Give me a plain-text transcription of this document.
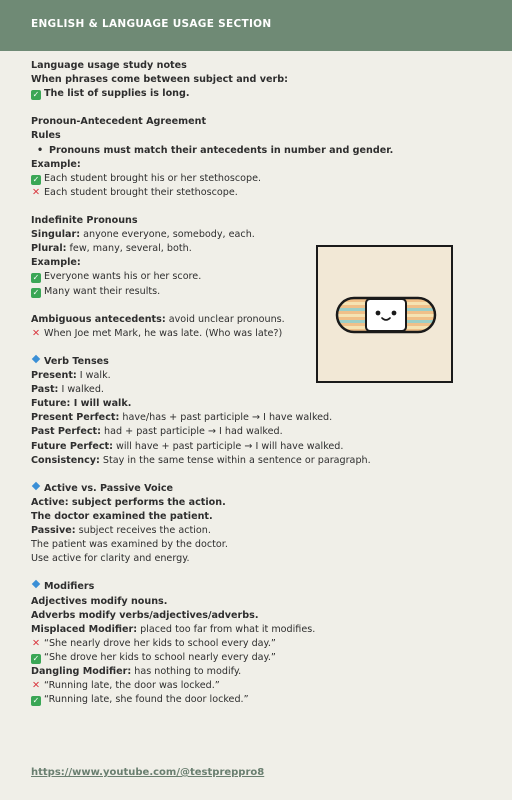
ENGLISH & LANGUAGE USAGE SECTION
Language usage study notes
When phrases come between subject and verb:
✓ The list of supplies is long.
Pronoun-Antecedent Agreement
Rules
• Pronouns must match their antecedents in number and gender.
Example:
✓ Each student brought his or her stethoscope.
✕ Each student brought their stethoscope.
Indefinite Pronouns
Singular: anyone everyone, somebody, each.
Plural: few, many, several, both.
Example:
✓ Everyone wants his or her score.
✓ Many want their results.
Ambiguous antecedents: avoid unclear pronouns.
✕ When Joe met Mark, he was late. (Who was late?)
Verb Tenses
Present: I walk.
Past: I walked.
Future: I will walk.
Present Perfect: have/has + past participle → I have walked.
Past Perfect: had + past participle → I had walked.
Future Perfect: will have + past participle → I will have walked.
Consistency: Stay in the same tense within a sentence or paragraph.
Active vs. Passive Voice
Active: subject performs the action.
The doctor examined the patient.
Passive: subject receives the action.
The patient was examined by the doctor.
Use active for clarity and energy.
Modifiers
Adjectives modify nouns.
Adverbs modify verbs/adjectives/adverbs.
Misplaced Modifier: placed too far from what it modifies.
✕ “She nearly drove her kids to school every day.”
✓ “She drove her kids to school nearly every day.”
Dangling Modifier: has nothing to modify.
✕ “Running late, the door was locked.”
✓ “Running late, she found the door locked.”
https://www.youtube.com/@testpreppro8
